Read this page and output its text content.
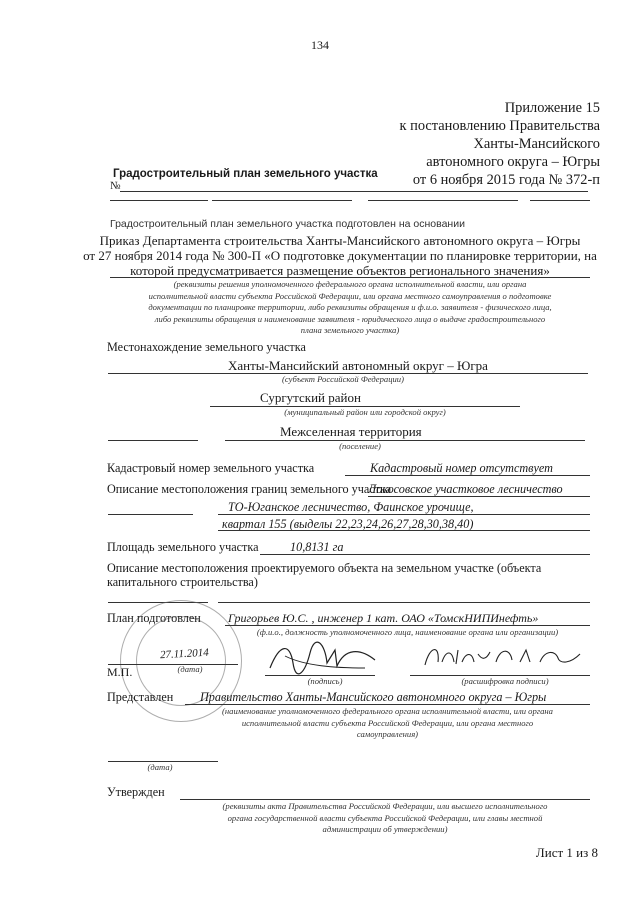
134
Приложение 15
к постановлению Правительства
Ханты-Мансийского
автономного округа – Югры
от 6 ноября 2015 года № 372-п
Градостроительный план земельного участка
№
Градостроительный план земельного участка подготовлен на основании
Приказ Департамента строительства Ханты-Мансийского автономного округа – Югры
от 27 ноября 2014 года № 300-П «О подготовке документации по планировке территории, на
которой предусматривается размещение объектов регионального значения»
(реквизиты решения уполномоченного федерального органа исполнительной власти, или органа
исполнительной власти субъекта Российской Федерации, или органа местного самоуправления о подготовке
документации по планировке территории, либо реквизиты обращения и ф.и.о. заявителя - физического лица,
либо реквизиты обращения и наименование заявителя - юридического лица о выдаче градостроительного
плана земельного участка)
Местонахождение земельного участка
Ханты-Мансийский автономный округ – Югра
(субъект Российской Федерации)
Сургутский район
(муниципальный район или городской округ)
Межселенная территория
(поселение)
Кадастровый номер земельного участка	Кадастровый номер отсутствует
Описание местоположения границ земельного участка
Локосовское участковое лесничество
ТО-Юганское лесничество, Фаинское урочище,
квартал 155 (выделы 22,23,24,26,27,28,30,38,40)
Площадь земельного участка	10,8131 га
Описание местоположения проектируемого объекта на земельном участке (объекта
капитального строительства)
План подготовлен Григорьев Ю.С. , инженер 1 кат. ОАО «ТомскНИПИнефть»
(ф.и.о., должность уполномоченного лица, наименование органа или организации)
27.11.2014
(подпись)	(расшифровка подписи)
М.П.	(дата)
Представлен Правительство Ханты-Мансийского автономного округа – Югры
(наименование уполномоченного федерального органа исполнительной власти, или органа
исполнительной власти субъекта Российской Федерации, или органа местного
самоуправления)
(дата)
Утвержден
(реквизиты акта Правительства Российской Федерации, или высшего исполнительного
органа государственной власти субъекта Российской Федерации, или главы местной
администрации об утверждении)
Лист 1 из 8
